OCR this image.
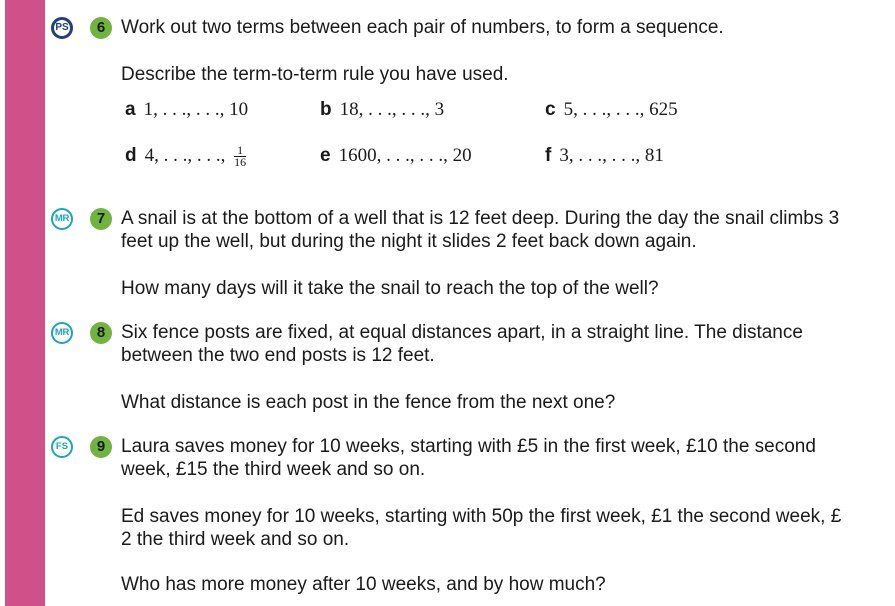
PS	6 Work out two terms between each pair of numbers, to form a sequence.
Describe the term-to-term rule you have used.
a 1, . . ., . . ., 10	b 18, . . ., . . ., 3	c 5, . . ., . . ., 625
d 4, . . ., . . ., $\frac{1}{16}$	e 1600, . . ., . . ., 20	f 3, . . ., . . ., 81
MR	7 A snail is at the bottom of a well that is 12 feet deep. During the day the snail climbs 3
feet up the well, but during the night it slides 2 feet back down again.
How many days will it take the snail to reach the top of the well?
MR	8 Six fence posts are fixed, at equal distances apart, in a straight line. The distance
between the two end posts is 12 feet.
What distance is each post in the fence from the next one?
FS	9 Laura saves money for 10 weeks, starting with £5 in the first week, £10 the second
week, £15 the third week and so on.
Ed saves money for 10 weeks, starting with 50p the first week, £1 the second week, £
2 the third week and so on.
Who has more money after 10 weeks, and by how much?
